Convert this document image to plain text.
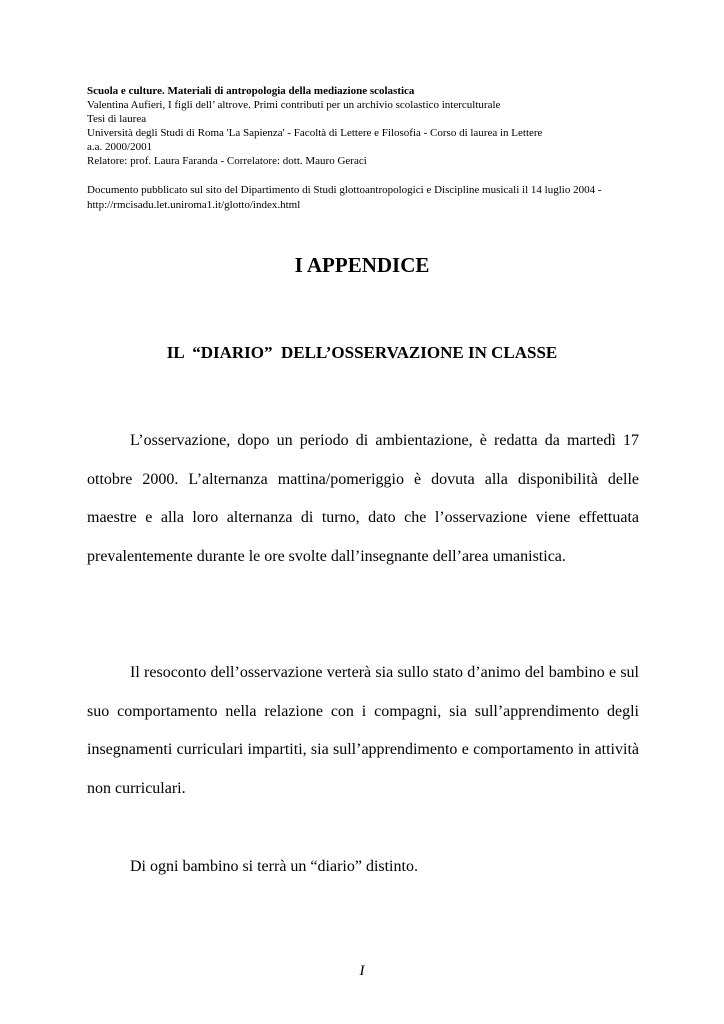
Scuola e culture. Materiali di antropologia della mediazione scolastica
Valentina Aufieri, I figli dell’ altrove. Primi contributi per un archivio scolastico interculturale
Tesi di laurea
Università degli Studi di Roma 'La Sapienza' - Facoltà di Lettere e Filosofia - Corso di laurea in Lettere
a.a. 2000/2001
Relatore: prof. Laura Faranda - Correlatore: dott. Mauro Geraci
Documento pubblicato sul sito del Dipartimento di Studi glottoantropologici e Discipline musicali il 14 luglio 2004 - http://rmcisadu.let.uniroma1.it/glotto/index.html
I APPENDICE
IL  “DIARIO”  DELL’OSSERVAZIONE IN CLASSE

L’osservazione, dopo un periodo di ambientazione, è redatta da martedì 17 ottobre 2000. L’alternanza mattina/pomeriggio è dovuta alla disponibilità delle maestre e alla loro alternanza di turno, dato che l’osservazione viene effettuata prevalentemente durante le ore svolte dall’insegnante dell’area umanistica.

Il resoconto dell’osservazione verterà sia sullo stato d’animo del bambino e sul suo comportamento nella relazione con i compagni, sia sull’apprendimento degli insegnamenti curriculari impartiti, sia sull’apprendimento e comportamento in attività non curriculari.

Di ogni bambino si terrà un “diario” distinto.

I
